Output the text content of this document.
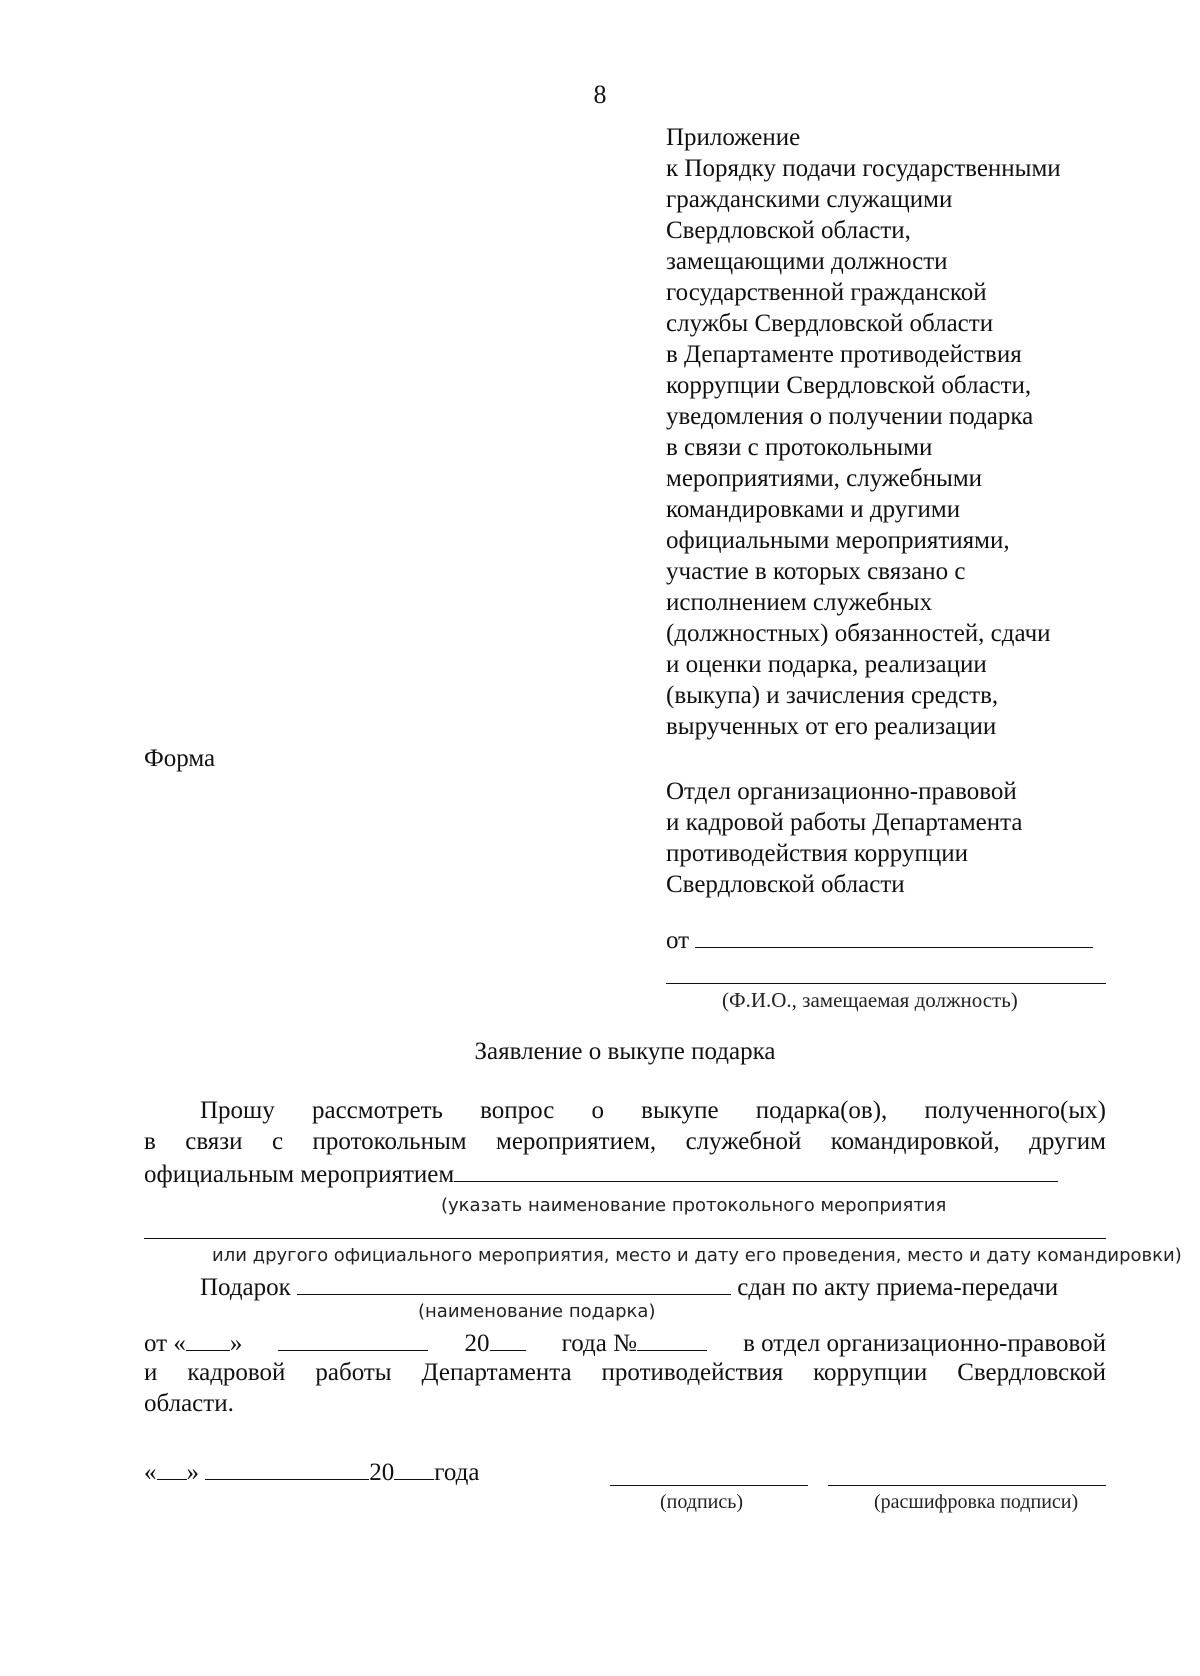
8
Приложение
к Порядку подачи государственными
гражданскими служащими
Свердловской области,
замещающими должности
государственной гражданской
службы Свердловской области
в Департаменте противодействия
коррупции Свердловской области,
уведомления о получении подарка
в связи с протокольными
мероприятиями, служебными
командировками и другими
официальными мероприятиями,
участие в которых связано с
исполнением служебных
(должностных) обязанностей, сдачи
и оценки подарка, реализации
(выкупа) и зачисления средств,
вырученных от его реализации
Форма
Отдел организационно-правовой
и кадровой работы Департамента
противодействия коррупции
Свердловской области
от
(Ф.И.О., замещаемая должность)
Заявление о выкупе подарка
Прошу рассмотреть вопрос о выкупе подарка(ов), полученного(ых)
в связи с протокольным мероприятием, служебной командировкой, другим
официальным мероприятием
(указать наименование протокольного мероприятия
или другого официального мероприятия, место и дату его проведения, место и дату командировки)
Подарок	сдан по акту приема-передачи
(наименование подарка)
от « »	20	года №	в отдел организационно-правовой
и кадровой работы Департамента противодействия коррупции Свердловской
области.
« »	20 года
(подпись)	(расшифровка подписи)
